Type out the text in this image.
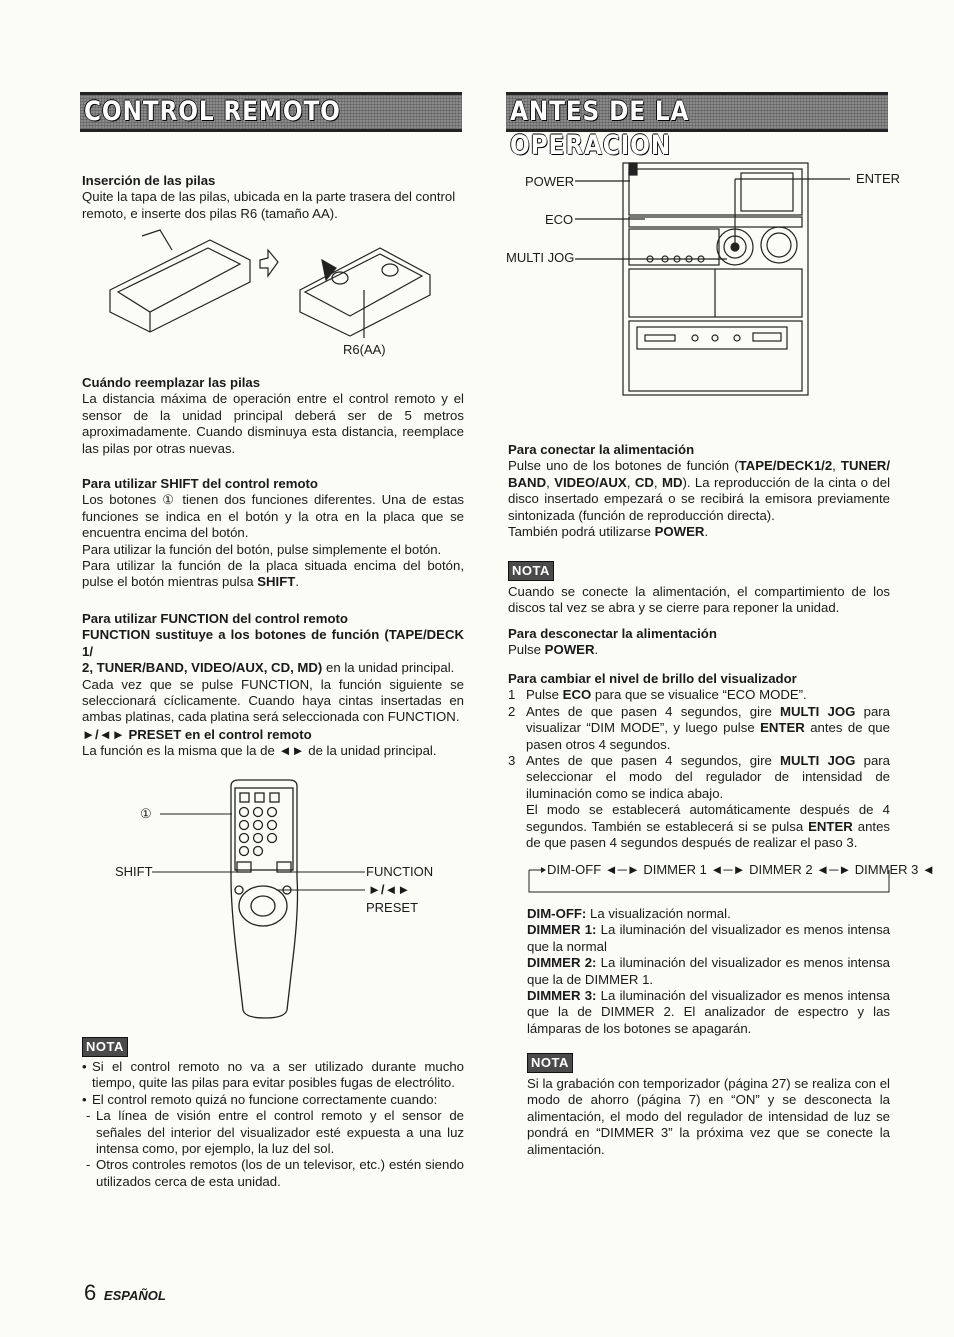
CONTROL REMOTO	ANTES DE LA OPERACION

Inserción de las pilas

Quite la tapa de las pilas, ubicada en la parte trasera del control remoto, e inserte dos pilas R6 (tamaño AA).

R6(AA)

Cuándo reemplazar las pilas

La distancia máxima de operación entre el control remoto y el sensor de la unidad principal deberá ser de 5 metros aproximadamente. Cuando disminuya esta distancia, reemplace las pilas por otras nuevas.

Para utilizar SHIFT del control remoto

Los botones ① tienen dos funciones diferentes. Una de estas funciones se indica en el botón y la otra en la placa que se encuentra encima del botón.

Para utilizar la función del botón, pulse simplemente el botón.

Para utilizar la función de la placa situada encima del botón, pulse el botón mientras pulsa SHIFT.

Para utilizar FUNCTION del control remoto

FUNCTION sustituye a los botones de función (TAPE/DECK 1/

2, TUNER/BAND, VIDEO/AUX, CD, MD) en la unidad principal.

Cada vez que se pulse FUNCTION, la función siguiente se seleccionará cíclicamente. Cuando haya cintas insertadas en ambas platinas, cada platina será seleccionada con FUNCTION.

►/◄► PRESET en el control remoto

La función es la misma que la de ◄► de la unidad principal.

①
SHIFT	FUNCTION
►/◄►
PRESET
NOTA

• Si el control remoto no va a ser utilizado durante mucho tiempo, quite las pilas para evitar posibles fugas de electrólito.

• El control remoto quizá no funcione correctamente cuando:

- La línea de visión entre el control remoto y el sensor de señales del interior del visualizador esté expuesta a una luz intensa como, por ejemplo, la luz del sol.

- Otros controles remotos (los de un televisor, etc.) estén siendo utilizados cerca de esta unidad.

POWER
ECO
MULTI JOG
ENTER

Para conectar la alimentación

Pulse uno de los botones de función (TAPE/DECK1/2, TUNER/ BAND, VIDEO/AUX, CD, MD). La reproducción de la cinta o del disco insertado empezará o se recibirá la emisora previamente sintonizada (función de reproducción directa).

También podrá utilizarse POWER.

NOTA

Cuando se conecte la alimentación, el compartimiento de los discos tal vez se abra y se cierre para reponer la unidad.

Para desconectar la alimentación

Pulse POWER.

Para cambiar el nivel de brillo del visualizador

1 Pulse ECO para que se visualice “ECO MODE”.

2 Antes de que pasen 4 segundos, gire MULTI JOG para visualizar “DIM MODE”, y luego pulse ENTER antes de que pasen otros 4 segundos.

3 Antes de que pasen 4 segundos, gire MULTI JOG para seleccionar el modo del regulador de intensidad de iluminación como se indica abajo.

El modo se establecerá automáticamente después de 4 segundos. También se establecerá si se pulsa ENTER antes de que pasen 4 segundos después de realizar el paso 3.

DIM-OFF ◄─► DIMMER 1 ◄─► DIMMER 2 ◄─► DIMMER 3 ◄

DIM-OFF: La visualización normal.

DIMMER 1: La iluminación del visualizador es menos intensa que la normal

DIMMER 2: La iluminación del visualizador es menos intensa que la de DIMMER 1.

DIMMER 3: La iluminación del visualizador es menos intensa que la de DIMMER 2. El analizador de espectro y las lámparas de los botones se apagarán.

NOTA

Si la grabación con temporizador (página 27) se realiza con el modo de ahorro (página 7) en “ON” y se desconecta la alimentación, el modo del regulador de intensidad de luz se pondrá en “DIMMER 3” la próxima vez que se conecte la alimentación.

6 ESPAÑOL
